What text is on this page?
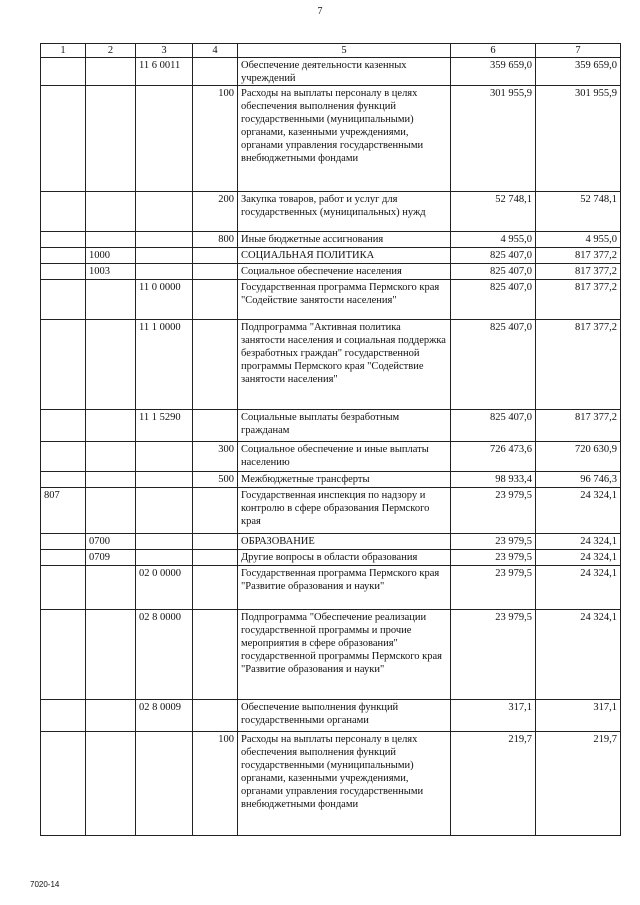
7
1	2	3	4	5	6	7
		11 6 0011		Обеспечение деятельности казенных учреждений	359 659,0	359 659,0
			100	Расходы на выплаты персоналу в целях обеспечения выполнения функций государственными (муниципальными) органами, казенными учреждениями, органами управления государственными внебюджетными фондами	301 955,9	301 955,9
			200	Закупка товаров, работ и услуг для государственных (муниципальных) нужд	52 748,1	52 748,1
			800	Иные бюджетные ассигнования	4 955,0	4 955,0
	1000			СОЦИАЛЬНАЯ ПОЛИТИКА	825 407,0	817 377,2
	1003			Социальное обеспечение населения	825 407,0	817 377,2
		11 0 0000		Государственная программа Пермского края "Содействие занятости населения"	825 407,0	817 377,2
		11 1 0000		Подпрограмма "Активная политика занятости населения и социальная поддержка безработных граждан" государственной программы Пермского края "Содействие занятости населения"	825 407,0	817 377,2
		11 1 5290		Социальные выплаты безработным гражданам	825 407,0	817 377,2
			300	Социальное обеспечение и иные выплаты населению	726 473,6	720 630,9
			500	Межбюджетные трансферты	98 933,4	96 746,3
807				Государственная инспекция по надзору и контролю в сфере образования Пермского края	23 979,5	24 324,1
	0700			ОБРАЗОВАНИЕ	23 979,5	24 324,1
	0709			Другие вопросы в области образования	23 979,5	24 324,1
		02 0 0000		Государственная программа Пермского края "Развитие образования и науки"	23 979,5	24 324,1
		02 8 0000		Подпрограмма "Обеспечение реализации государственной программы и прочие мероприятия в сфере образования" государственной программы Пермского края "Развитие образования и науки"	23 979,5	24 324,1
		02 8 0009		Обеспечение выполнения функций государственными органами	317,1	317,1
			100	Расходы на выплаты персоналу в целях обеспечения выполнения функций государственными (муниципальными) органами, казенными учреждениями, органами управления государственными внебюджетными фондами	219,7	219,7
7020-14
